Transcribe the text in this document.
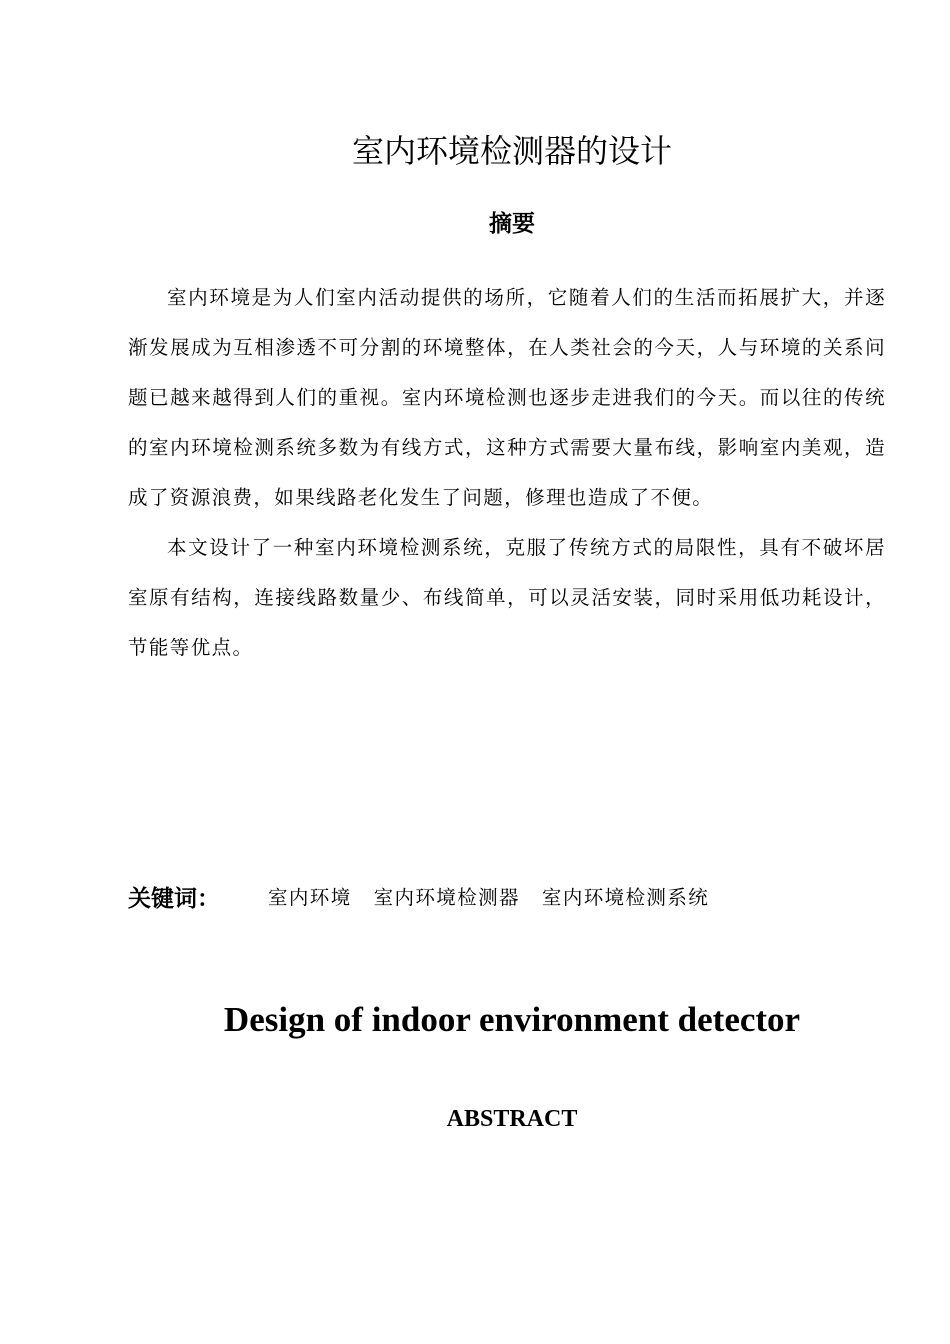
室内环境检测器的设计
摘要

室内环境是为人们室内活动提供的场所，它随着人们的生活而拓展扩大，并逐渐发展成为互相渗透不可分割的环境整体，在人类社会的今天，人与环境的关系问题已越来越得到人们的重视。室内环境检测也逐步走进我们的今天。而以往的传统的室内环境检测系统多数为有线方式，这种方式需要大量布线，影响室内美观，造成了资源浪费，如果线路老化发生了问题，修理也造成了不便。

本文设计了一种室内环境检测系统，克服了传统方式的局限性，具有不破坏居室原有结构，连接线路数量少、布线简单，可以灵活安装，同时采用低功耗设计，节能等优点。

关键词：	室内环境 室内环境检测器 室内环境检测系统
Design of indoor environment detector
ABSTRACT
